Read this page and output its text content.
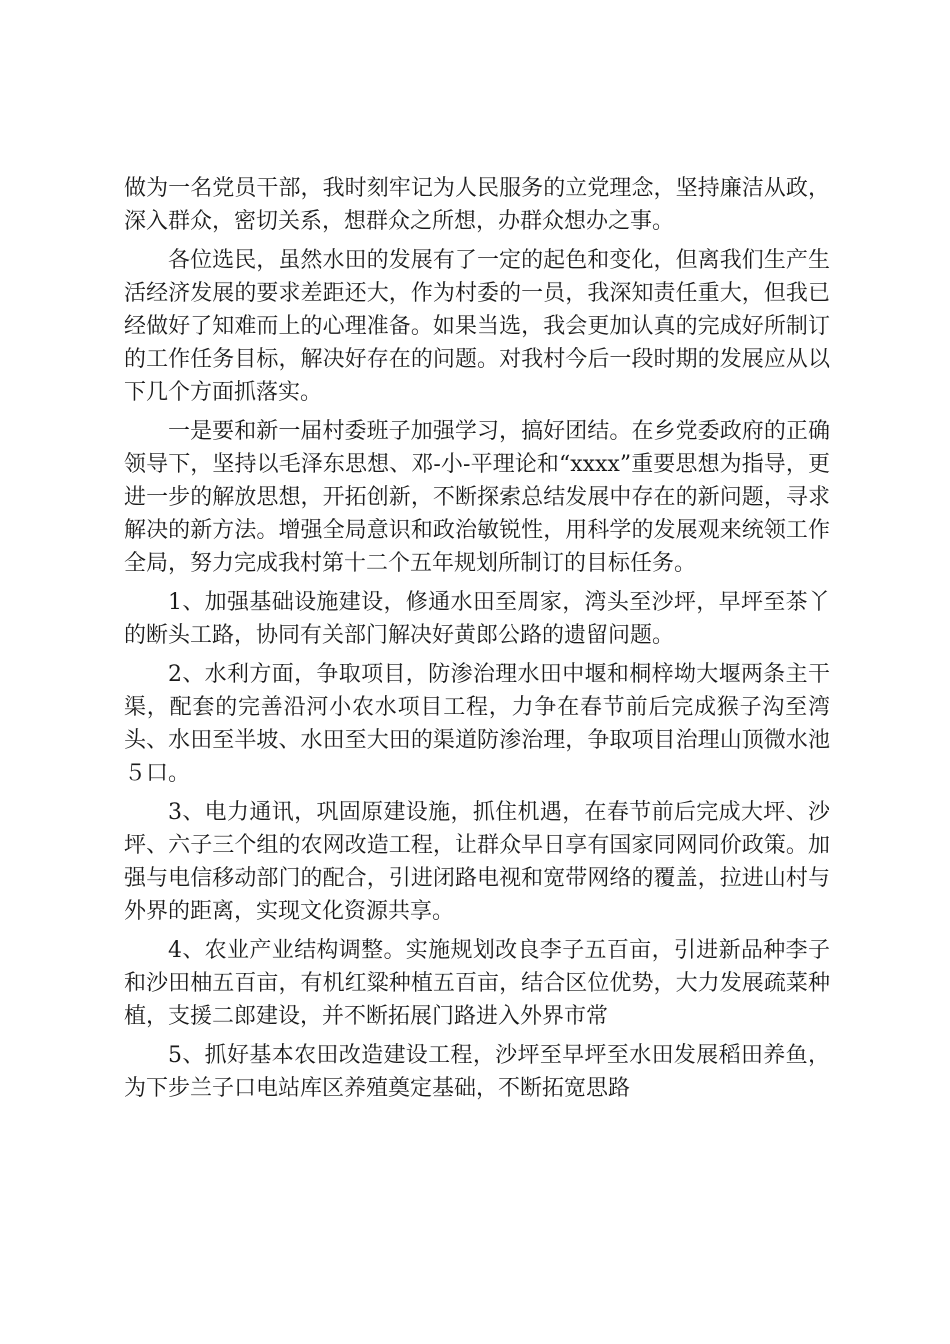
做为一名党员干部，我时刻牢记为人民服务的立党理念，坚持廉洁从政，深入群众，密切关系，想群众之所想，办群众想办之事。

各位选民，虽然水田的发展有了一定的起色和变化，但离我们生产生活经济发展的要求差距还大，作为村委的一员，我深知责任重大，但我已经做好了知难而上的心理准备。如果当选，我会更加认真的完成好所制订的工作任务目标，解决好存在的问题。对我村今后一段时期的发展应从以下几个方面抓落实。

一是要和新一届村委班子加强学习，搞好团结。在乡党委政府的正确领导下，坚持以毛泽东思想、邓-小-平理论和“xxxx”重要思想为指导，更进一步的解放思想，开拓创新，不断探索总结发展中存在的新问题，寻求解决的新方法。增强全局意识和政治敏锐性，用科学的发展观来统领工作全局，努力完成我村第十二个五年规划所制订的目标任务。

1、加强基础设施建设，修通水田至周家，湾头至沙坪，早坪至茶丫的断头工路，协同有关部门解决好黄郎公路的遗留问题。

2、水利方面，争取项目，防渗治理水田中堰和桐梓坳大堰两条主干渠，配套的完善沿河小农水项目工程，力争在春节前后完成猴子沟至湾头、水田至半坡、水田至大田的渠道防渗治理，争取项目治理山顶微水池５口。

3、电力通讯，巩固原建设施，抓住机遇，在春节前后完成大坪、沙坪、六子三个组的农网改造工程，让群众早日享有国家同网同价政策。加强与电信移动部门的配合，引进闭路电视和宽带网络的覆盖，拉进山村与外界的距离，实现文化资源共享。

4、农业产业结构调整。实施规划改良李子五百亩，引进新品种李子和沙田柚五百亩，有机红粱种植五百亩，结合区位优势，大力发展疏菜种植，支援二郎建设，并不断拓展门路进入外界市常

5、抓好基本农田改造建设工程，沙坪至早坪至水田发展稻田养鱼，为下步兰子口电站库区养殖奠定基础，不断拓宽思路
